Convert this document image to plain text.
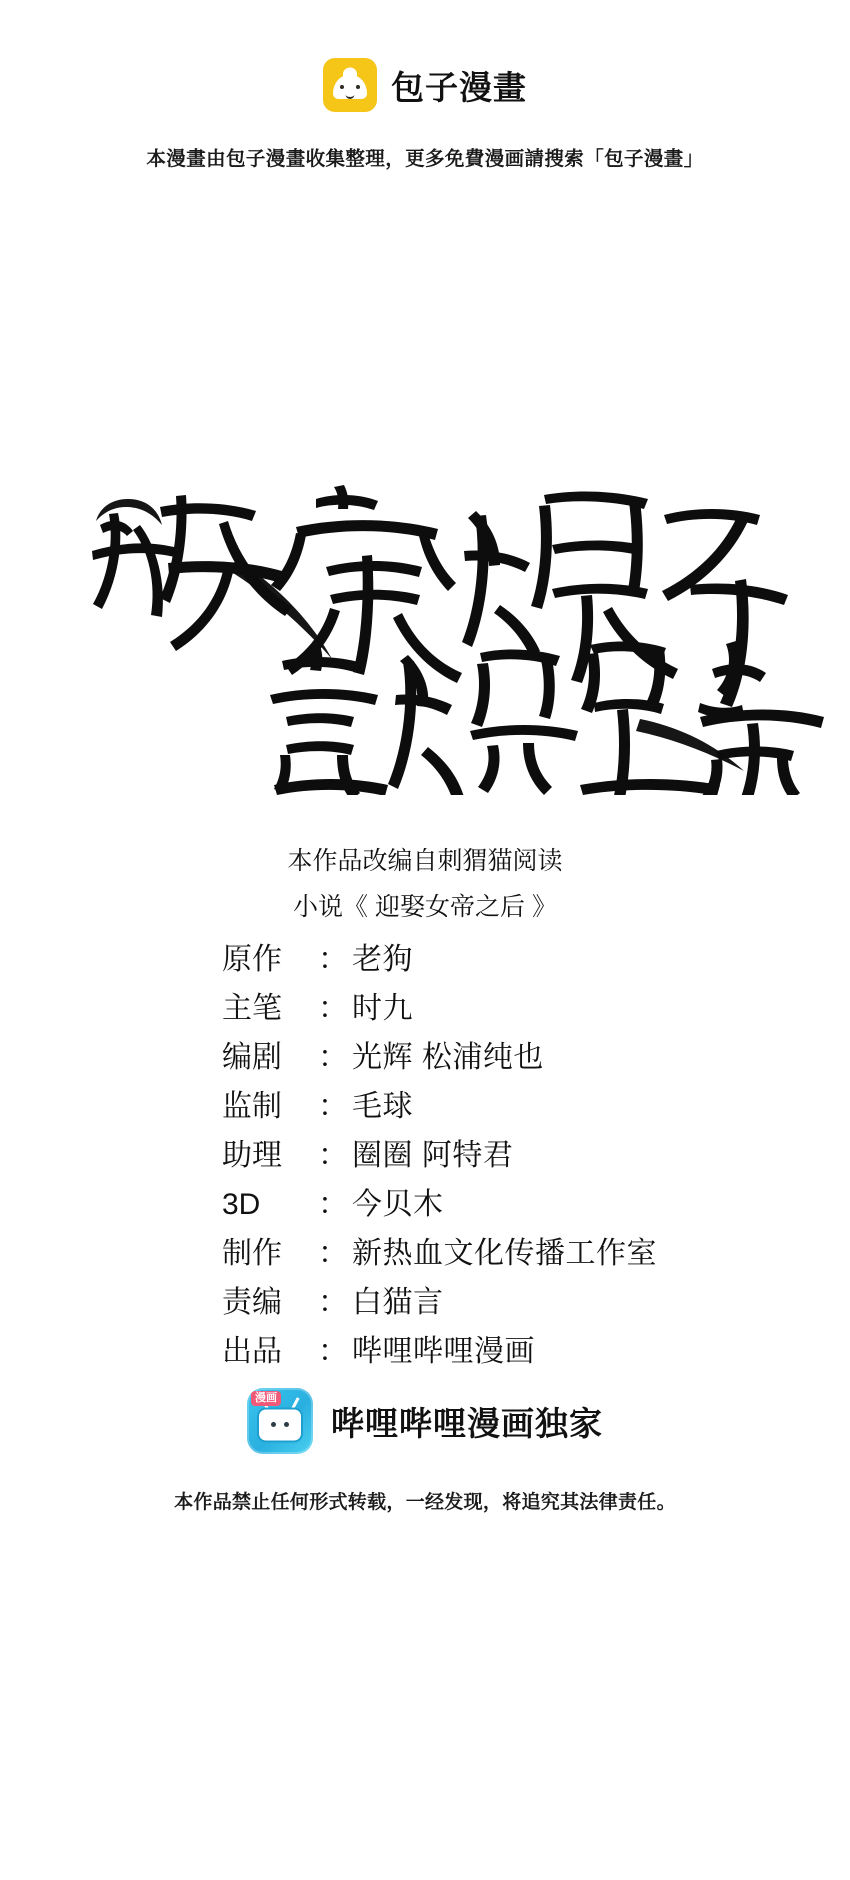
包子漫畫
本漫畫由包子漫畫收集整理，更多免費漫画請搜索「包子漫畫」
本作品改编自刺猬猫阅读
小说《 迎娶女帝之后 》
原作	： 老狗
主笔	： 时九
编剧	： 光辉 松浦纯也
监制	： 毛球
助理	： 圈圈 阿特君
3D	： 今贝木
制作	： 新热血文化传播工作室
责编	： 白猫言
出品	： 哔哩哔哩漫画
漫画
哔哩哔哩漫画独家
本作品禁止任何形式转载，一经发现，将追究其法律责任。
